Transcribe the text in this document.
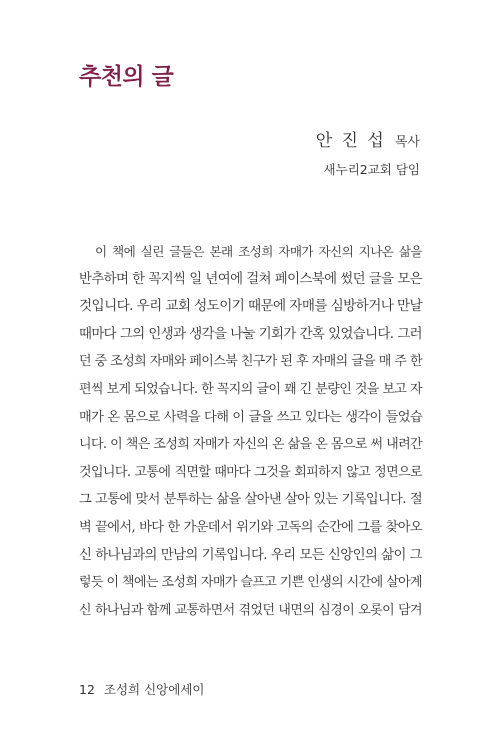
추천의 글
안 진 섭 목사
새누리2교회 담임
이 책에 실린 글들은 본래 조성희 자매가 자신의 지나온 삶을
반추하며 한 꼭지씩 일 년여에 걸쳐 페이스북에 썼던 글을 모은
것입니다. 우리 교회 성도이기 때문에 자매를 심방하거나 만날
때마다 그의 인생과 생각을 나눌 기회가 간혹 있었습니다. 그러
던 중 조성희 자매와 페이스북 친구가 된 후 자매의 글을 매 주 한
편씩 보게 되었습니다. 한 꼭지의 글이 꽤 긴 분량인 것을 보고 자
매가 온 몸으로 사력을 다해 이 글을 쓰고 있다는 생각이 들었습
니다. 이 책은 조성희 자매가 자신의 온 삶을 온 몸으로 써 내려간
것입니다. 고통에 직면할 때마다 그것을 회피하지 않고 정면으로
그 고통에 맞서 분투하는 삶을 살아낸 살아 있는 기록입니다. 절
벽 끝에서, 바다 한 가운데서 위기와 고독의 순간에 그를 찾아오
신 하나님과의 만남의 기록입니다. 우리 모든 신앙인의 삶이 그
렇듯 이 책에는 조성희 자매가 슬프고 기쁜 인생의 시간에 살아계
신 하나님과 함께 교통하면서 겪었던 내면의 심경이 오롯이 담겨
12 조성희 신앙에세이
